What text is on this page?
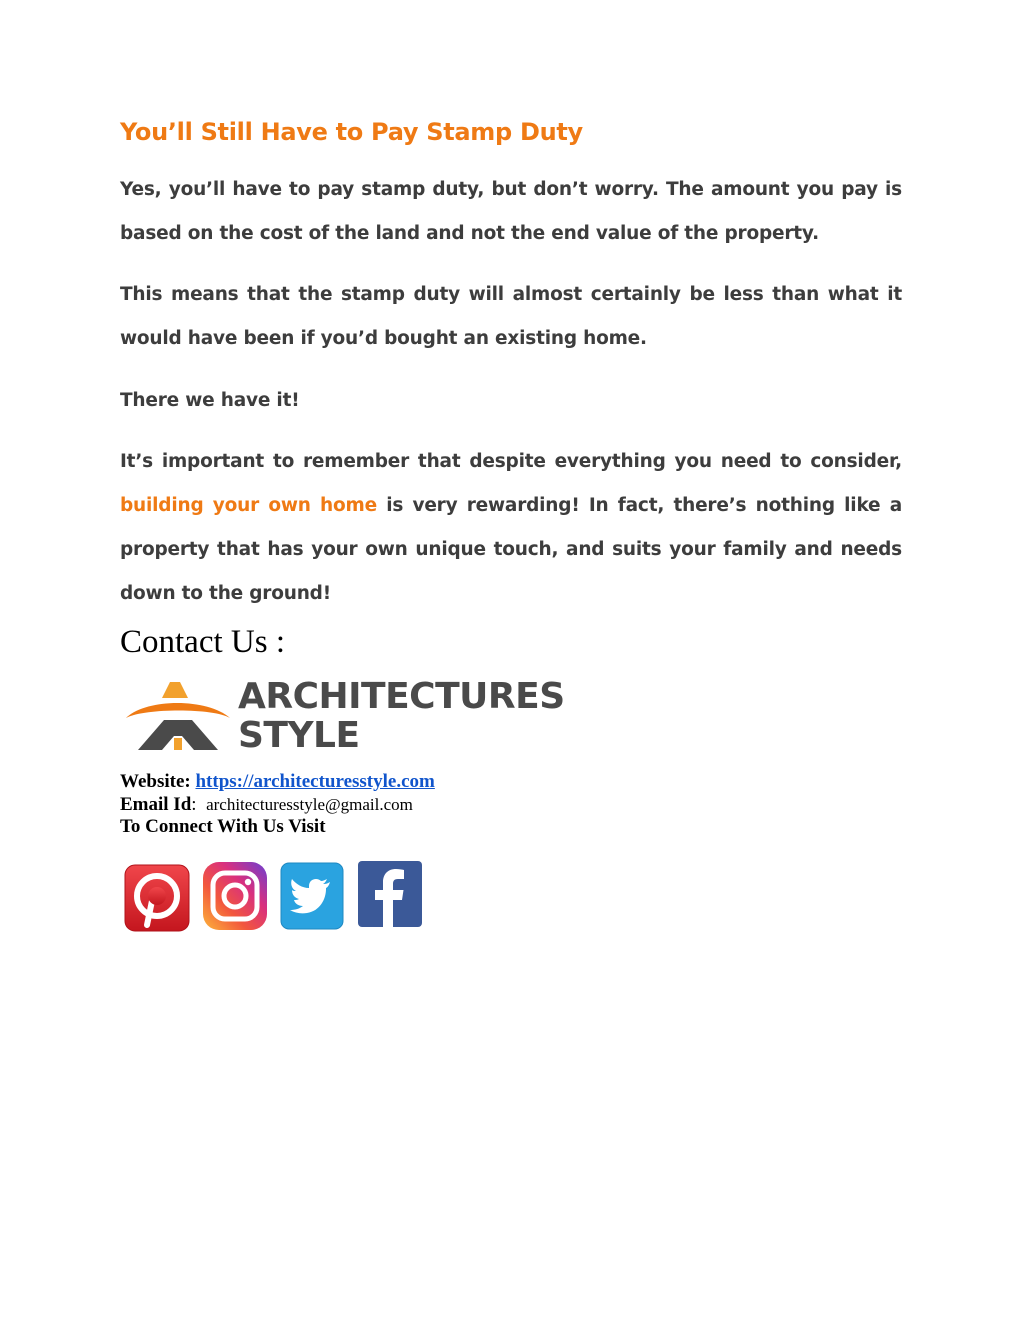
You’ll Still Have to Pay Stamp Duty

Yes, you’ll have to pay stamp duty, but don’t worry. The amount you pay is based on the cost of the land and not the end value of the property.

This means that the stamp duty will almost certainly be less than what it would have been if you’d bought an existing home.

There we have it!

It’s important to remember that despite everything you need to consider, building your own home is very rewarding! In fact, there’s nothing like a property that has your own unique touch, and suits your family and needs down to the ground!

Contact Us :

ARCHITECTURES

STYLE

Website: https://architecturesstyle.com

Email Id: architecturesstyle@gmail.com

To Connect With Us Visit
